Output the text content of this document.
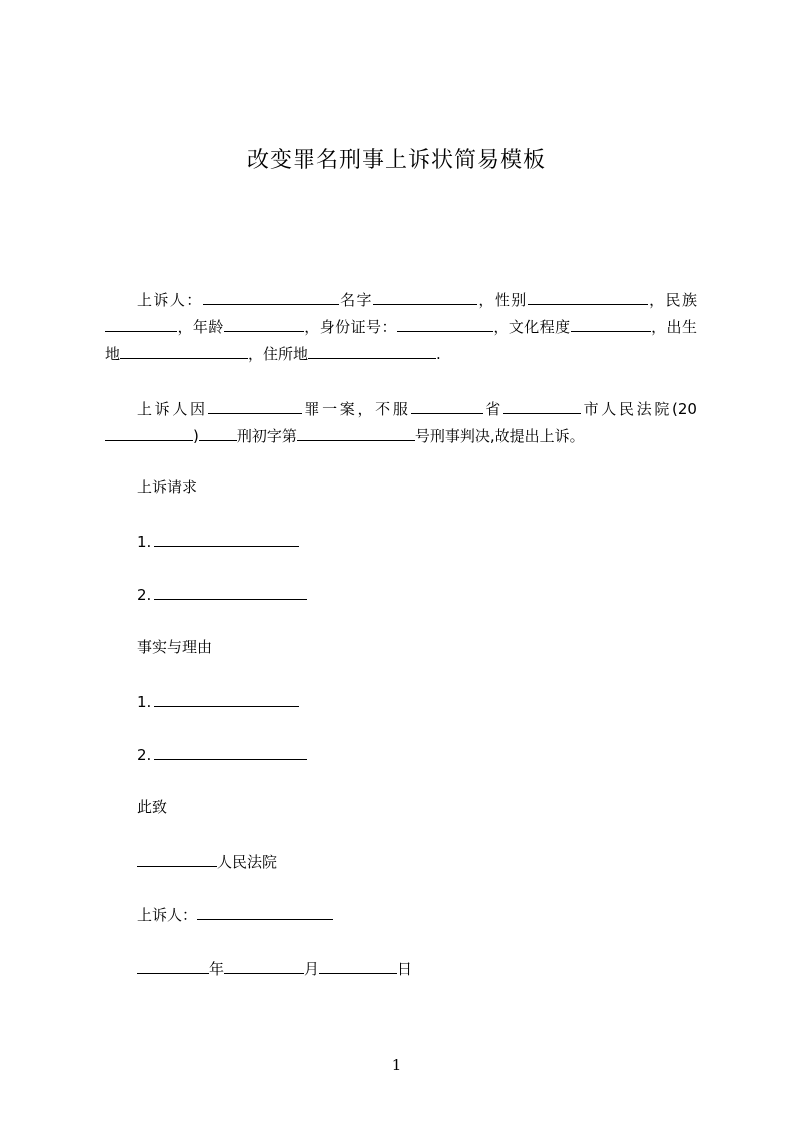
改变罪名刑事上诉状简易模板
上诉人：	名字	，性别	，民族，年龄	，身份证号：	，文化程度	，出生地	，住所地	.
上诉人因	罪一案，不服	省	市人民法院(20)	刑初字第	号刑事判决,故提出上诉。
上诉请求
1.
2.
事实与理由
1.
2.
此致
人民法院
上诉人：
年	月	日
1
